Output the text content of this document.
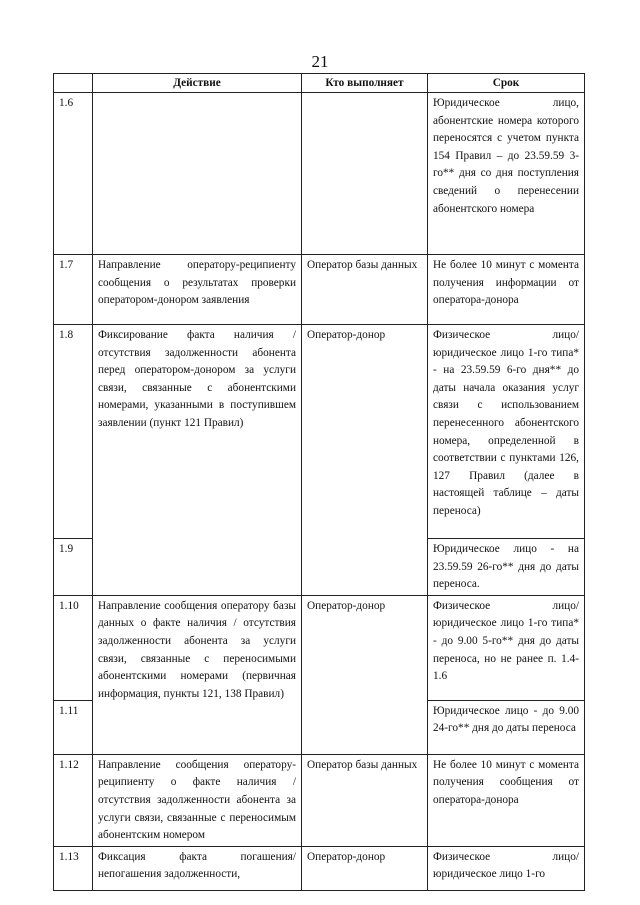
21
	Действие	Кто выполняет	Срок
1.6			Юридическое лицо, абонентские номера которого переносятся с учетом пункта 154 Правил – до 23.59.59 3-го** дня со дня поступления сведений о перенесении абонентского номера
1.7	Направление оператору-реципиенту сообщения о результатах проверки оператором-донором заявления	Оператор базы данных	Не более 10 минут с момента получения информации от оператора-донора
1.8	Фиксирование факта наличия / отсутствия задолженности абонента перед оператором-донором за услуги связи, связанные с абонентскими номерами, указанными в поступившем заявлении (пункт 121 Правил)	Оператор-донор	Физическое лицо/юридическое лицо 1-го типа* - на 23.59.59 6-го дня** до даты начала оказания услуг связи с использованием перенесенного абонентского номера, определенной в соответствии с пунктами 126, 127 Правил (далее в настоящей таблице – даты переноса)
1.9			Юридическое лицо - на 23.59.59 26-го** дня до даты переноса.
1.10	Направление сообщения оператору базы данных о факте наличия / отсутствия задолженности абонента за услуги связи, связанные с переносимыми абонентскими номерами (первичная информация, пункты 121, 138 Правил)	Оператор-донор	Физическое лицо/юридическое лицо 1-го типа* - до 9.00 5-го** дня до даты переноса, но не ранее п. 1.4-1.6
1.11			Юридическое лицо - до 9.00 24-го** дня до даты переноса
1.12	Направление сообщения оператору-реципиенту о факте наличия / отсутствия задолженности абонента за услуги связи, связанные с переносимым абонентским номером	Оператор базы данных	Не более 10 минут с момента получения сообщения от оператора-донора
1.13	Фиксация факта погашения/ непогашения задолженности,	Оператор-донор	Физическое лицо/юридическое лицо 1-го
